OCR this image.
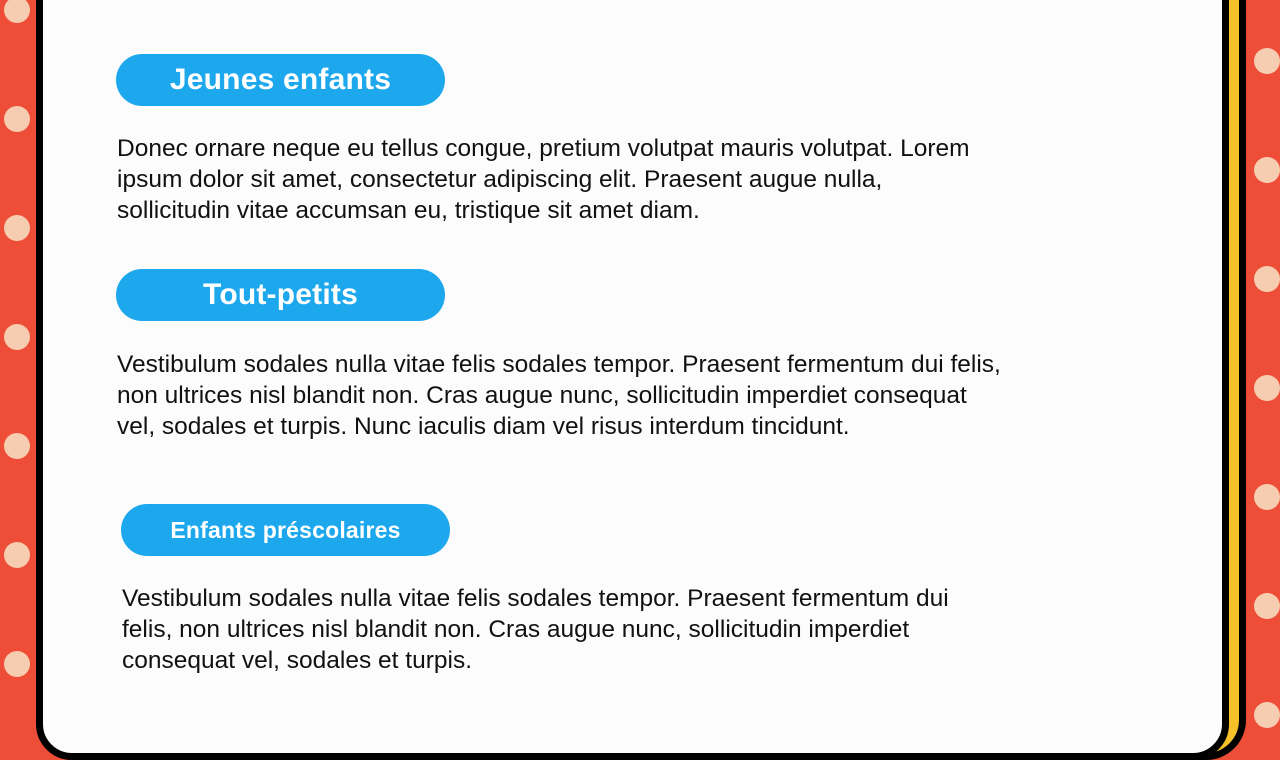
Jeunes enfants
Donec ornare neque eu tellus congue, pretium volutpat mauris volutpat. Lorem
ipsum dolor sit amet, consectetur adipiscing elit. Praesent augue nulla,
sollicitudin vitae accumsan eu, tristique sit amet diam.
Tout-petits
Vestibulum sodales nulla vitae felis sodales tempor. Praesent fermentum dui felis,
non ultrices nisl blandit non. Cras augue nunc, sollicitudin imperdiet consequat
vel, sodales et turpis. Nunc iaculis diam vel risus interdum tincidunt.
Enfants préscolaires
Vestibulum sodales nulla vitae felis sodales tempor. Praesent fermentum dui
felis, non ultrices nisl blandit non. Cras augue nunc, sollicitudin imperdiet
consequat vel, sodales et turpis.
